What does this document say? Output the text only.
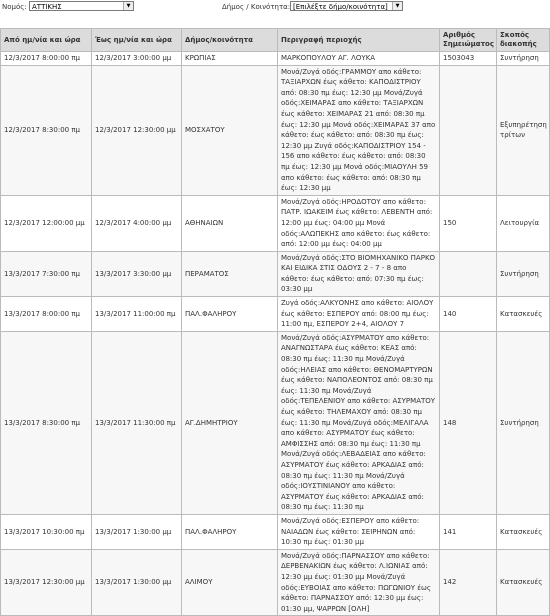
Νομός: ΑΤΤΙΚΗΣ	▼	Δήμος / Κοινότητα: [Επιλέξτε δήμο/κοινότητα]	▼
Από ημ/νία και ώρα	Έως ημ/νία και ώρα	Δήμος/κοινότητα	Περιγραφή περιοχής	Αριθμός Σημειώματος	Σκοπός διακοπής
12/3/2017 8:00:00 πμ	12/3/2017 3:00:00 μμ	ΚΡΩΠΙΑΣ	ΜΑΡΚΟΠΟΥΛΟΥ ΑΓ. ΛΟΥΚΑ	1503043	Συντήρηση
12/3/2017 8:30:00 πμ	12/3/2017 12:30:00 μμ	ΜΟΣΧΑΤΟΥ	Μονά/Ζυγά οδός:ΓΡΑΜΜΟΥ απο κάθετο: ΤΑΞΙΑΡΧΩΝ έως κάθετο: ΚΑΠΟΔΙΣΤΡΙΟΥ από: 08:30 πμ έως: 12:30 μμ Μονά/Ζυγά οδός:ΧΕΙΜΑΡΑΣ απο κάθετο: ΤΑΞΙΑΡΧΩΝ έως κάθετο: ΧΕΙΜΑΡΑΣ 21 από: 08:30 πμ έως: 12:30 μμ Μονά οδός:ΧΕΙΜΑΡΑΣ 37 απο κάθετο: έως κάθετο: από: 08:30 πμ έως: 12:30 μμ Ζυγά οδός:ΚΑΠΟΔΙΣΤΡΙΟΥ 154 - 156 απο κάθετο: έως κάθετο: από: 08:30 πμ έως: 12:30 μμ Μονά οδός:ΜΙΑΟΥΛΗ 59 απο κάθετο: έως κάθετο: από: 08:30 πμ έως: 12:30 μμ		Εξυπηρέτηση τρίτων
12/3/2017 12:00:00 μμ	12/3/2017 4:00:00 μμ	ΑΘΗΝΑΙΩΝ	Μονά/Ζυγά οδός:ΗΡΟΔΟΤΟΥ απο κάθετο: ΠΑΤΡ. ΙΩΑΚΕΙΜ έως κάθετο: ΛΕΒΕΝΤΗ από: 12:00 μμ έως: 04:00 μμ Μονά οδός:ΑΛΩΠΕΚΗΣ απο κάθετο: έως κάθετο: από: 12:00 μμ έως: 04:00 μμ	150	Λειτουργία
13/3/2017 7:30:00 πμ	13/3/2017 3:30:00 μμ	ΠΕΡΑΜΑΤΟΣ	Μονά/Ζυγά οδός:ΣΤΟ ΒΙΟΜΗΧΑΝΙΚΟ ΠΑΡΚΟ ΚΑΙ ΕΙΔΙΚΑ ΣΤΙΣ ΟΔΟΥΣ 2 - 7 - 8 απο κάθετο: έως κάθετο: από: 07:30 πμ έως: 03:30 μμ		Συντήρηση
13/3/2017 8:00:00 πμ	13/3/2017 11:00:00 πμ	ΠΑΛ.ΦΑΛΗΡΟΥ	Ζυγά οδός:ΑΛΚΥΟΝΗΣ απο κάθετο: ΑΙΟΛΟΥ έως κάθετο: ΕΣΠΕΡΟΥ από: 08:00 πμ έως: 11:00 πμ, ΕΣΠΕΡΟΥ 2+4, ΑΙΟΛΟΥ 7	140	Κατασκευές
13/3/2017 8:30:00 πμ	13/3/2017 11:30:00 πμ	ΑΓ.ΔΗΜΗΤΡΙΟΥ	Μονά/Ζυγά οδός:ΑΣΥΡΜΑΤΟΥ απο κάθετο: ΑΝΑΓΝΩΣΤΑΡΑ έως κάθετο: ΚΕΑΣ από: 08:30 πμ έως: 11:30 πμ Μονά/Ζυγά οδός:ΗΛΕΙΑΣ απο κάθετο: ΘΕΝΟΜΑΡΤΥΡΩΝ έως κάθετο: ΝΑΠΟΛΕΟΝΤΟΣ από: 08:30 πμ έως: 11:30 πμ Μονά/Ζυγά οδός:ΤΕΠΕΛΕΝΙΟΥ απο κάθετο: ΑΣΥΡΜΑΤΟΥ έως κάθετο: ΤΗΛΕΜΑΧΟΥ από: 08:30 πμ έως: 11:30 πμ Μονά/Ζυγά οδός:ΜΕΛΙΓΑΛΑ απο κάθετο: ΑΣΥΡΜΑΤΟΥ έως κάθετο: ΑΜΦΙΣΣΗΣ από: 08:30 πμ έως: 11:30 πμ Μονά/Ζυγά οδός:ΛΕΒΑΔΕΙΑΣ απο κάθετο: ΑΣΥΡΜΑΤΟΥ έως κάθετο: ΑΡΚΑΔΙΑΣ από: 08:30 πμ έως: 11:30 πμ Μονά/Ζυγά οδός:ΙΟΥΣΤΙΝΙΑΝΟΥ απο κάθετο: ΑΣΥΡΜΑΤΟΥ έως κάθετο: ΑΡΚΑΔΙΑΣ από: 08:30 πμ έως: 11:30 πμ	148	Συντήρηση
13/3/2017 10:30:00 πμ	13/3/2017 1:30:00 μμ	ΠΑΛ.ΦΑΛΗΡΟΥ	Μονά/Ζυγά οδός:ΕΣΠΕΡΟΥ απο κάθετο: ΝΑΙΑΔΩΝ έως κάθετο: ΣΕΙΡΗΝΩΝ από: 10:30 πμ έως: 01:30 μμ	141	Κατασκευές
13/3/2017 12:30:00 μμ	13/3/2017 1:30:00 μμ	ΑΛΙΜΟΥ	Μονά/Ζυγά οδός:ΠΑΡΝΑΣΣΟΥ απο κάθετο: ΔΕΡΒΕΝΑΚΙΩΝ έως κάθετο: Λ.ΙΩΝΙΑΣ από: 12:30 μμ έως: 01:30 μμ Μονά/Ζυγά οδός:ΕΥΒΟΙΑΣ απο κάθετο: ΠΩΓΩΝΙΟΥ έως κάθετο: ΠΑΡΝΑΣΣΟΥ από: 12:30 μμ έως: 01:30 μμ, ΨΑΡΡΩΝ [ΟΛΗ]	142	Κατασκευές
